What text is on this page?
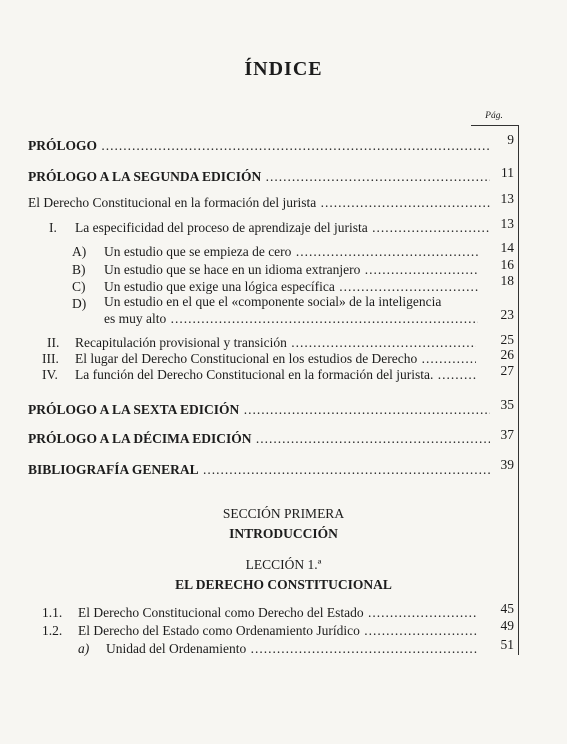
ÍNDICE
Pág.
PRÓLOGO .....	9
PRÓLOGO A LA SEGUNDA EDICIÓN .....	11
El Derecho Constitucional en la formación del jurista .....	13
I. La especificidad del proceso de aprendizaje del jurista .....	13
A) Un estudio que se empieza de cero .....	14
B) Un estudio que se hace en un idioma extranjero .....	16
C) Un estudio que exige una lógica específica .....	18
D) Un estudio en el que el «componente social» de la inteligencia
es muy alto .....	23
II. Recapitulación provisional y transición .....	25
III. El lugar del Derecho Constitucional en los estudios de Derecho .....	26
IV. La función del Derecho Constitucional en la formación del jurista. .....	27
PRÓLOGO A LA SEXTA EDICIÓN .....	35
PRÓLOGO A LA DÉCIMA EDICIÓN .....	37
BIBLIOGRAFÍA GENERAL .....	39
SECCIÓN PRIMERA
INTRODUCCIÓN
LECCIÓN 1.ª
EL DERECHO CONSTITUCIONAL
1.1. El Derecho Constitucional como Derecho del Estado .....	45
1.2. El Derecho del Estado como Ordenamiento Jurídico .....	49
a) Unidad del Ordenamiento .....	51
